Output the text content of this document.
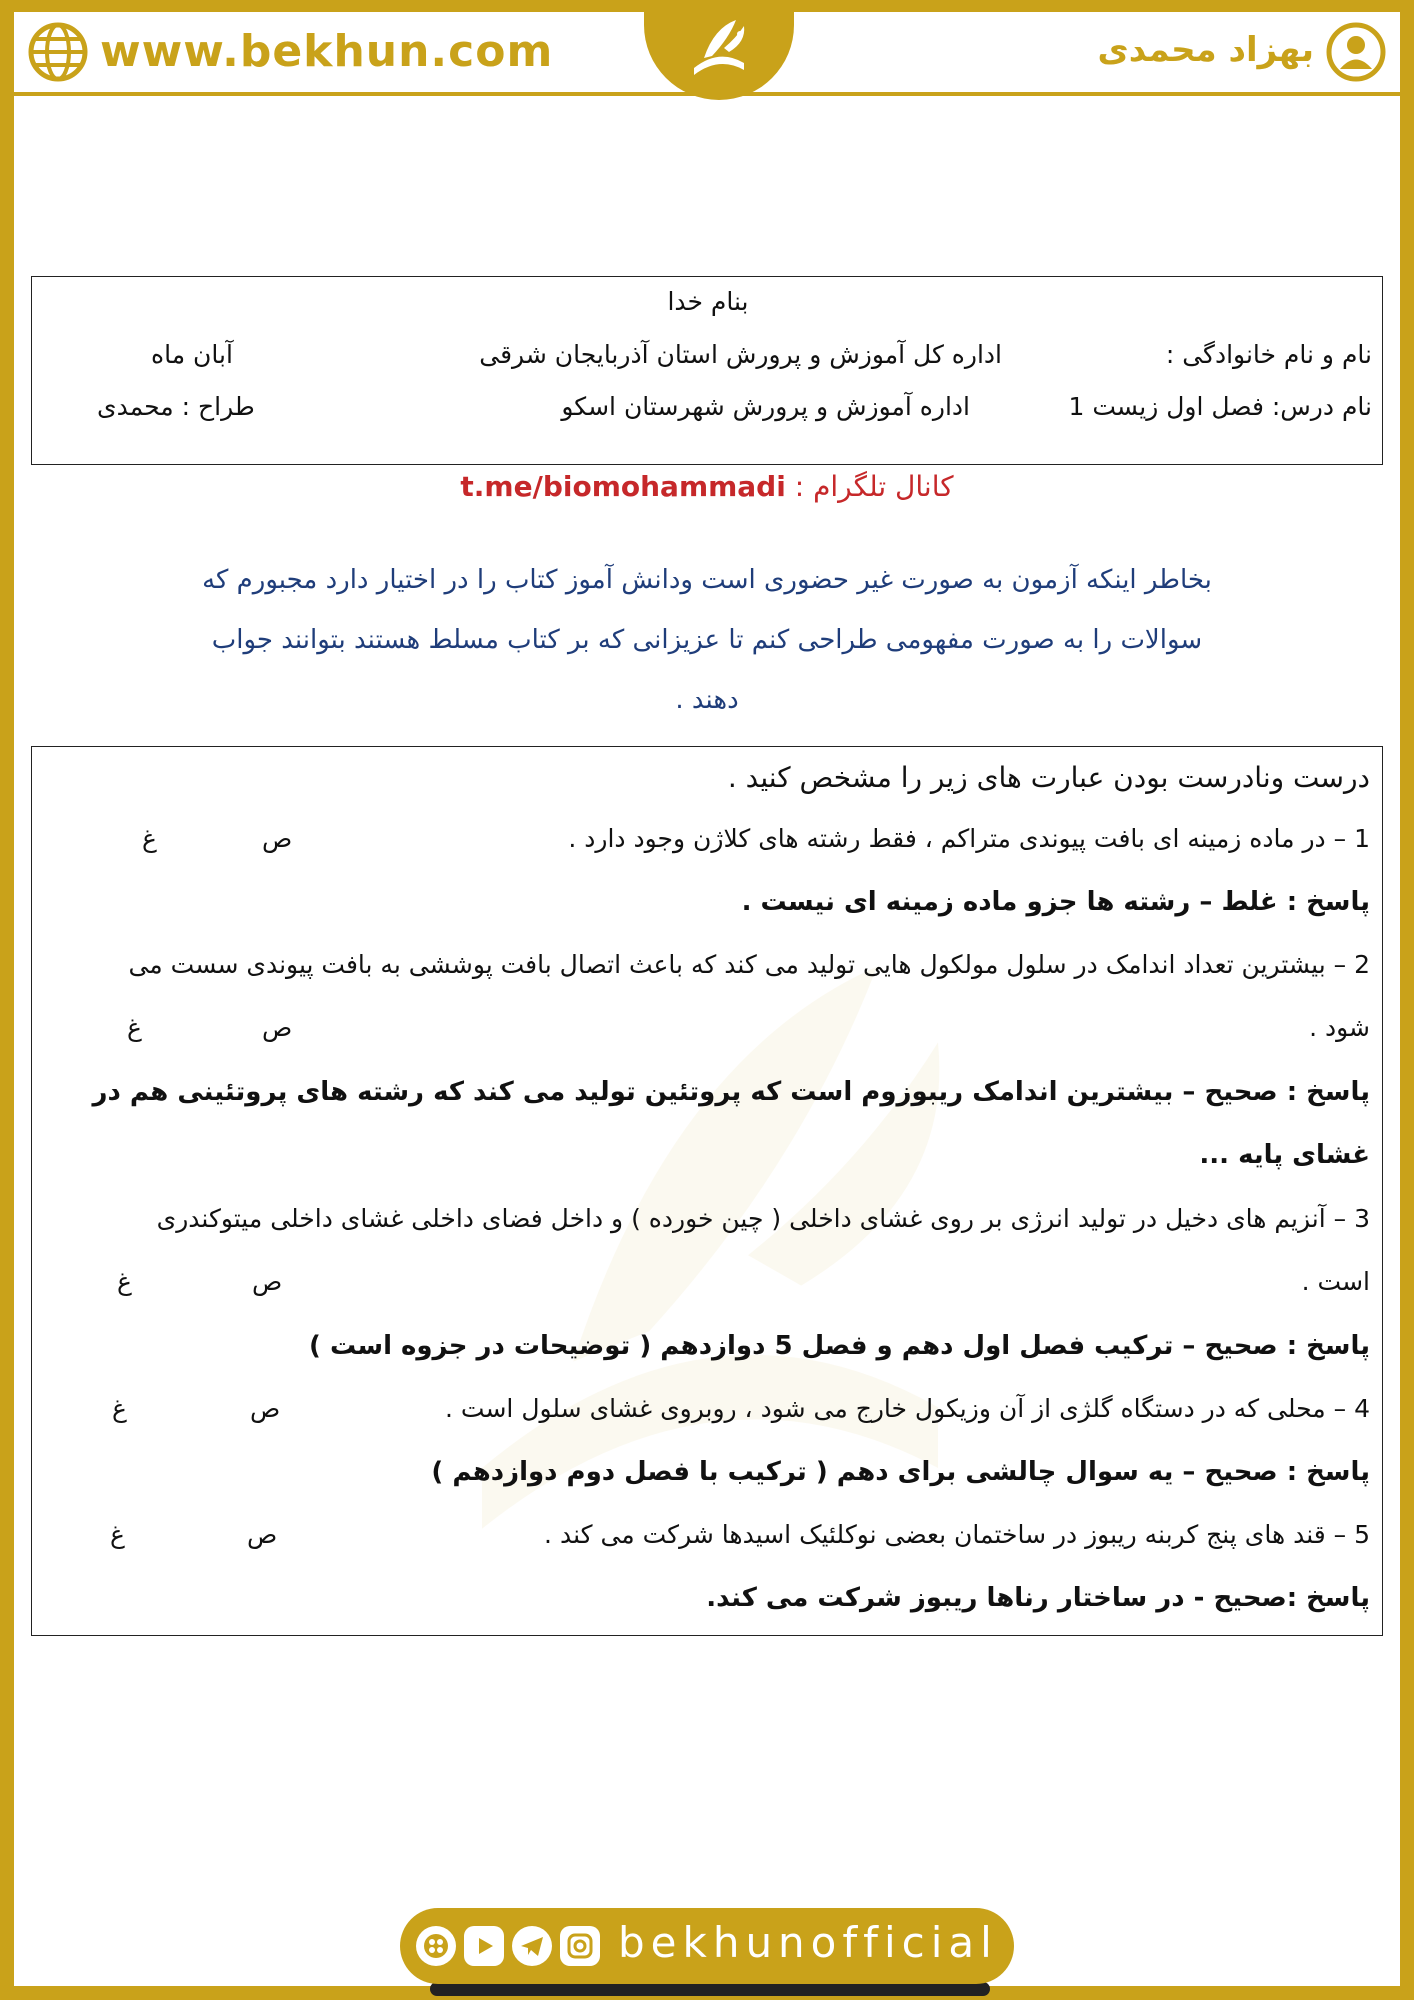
www.bekhun.com	بهزاد محمدی
بنام خدا
نام و نام خانوادگی :
اداره کل آموزش و پرورش استان آذربایجان شرقی
آبان ماه
نام درس: فصل اول زیست 1
اداره آموزش و پرورش شهرستان اسکو
طراح : محمدی
کانال تلگرام : t.me/biomohammadi
بخاطر اینکه آزمون به صورت غیر حضوری است ودانش آموز کتاب را در اختیار دارد مجبورم که
سوالات را به صورت مفهومی طراحی کنم تا عزیزانی که بر کتاب مسلط هستند بتوانند جواب
دهند .
درست ونادرست بودن عبارت های زیر را مشخص کنید .
1 – در ماده زمینه ای بافت پیوندی متراکم ، فقط رشته های کلاژن وجود دارد .
ص
غ
پاسخ : غلط – رشته ها جزو ماده زمینه ای نیست .
2 – بیشترین تعداد اندامک در سلول مولکول هایی تولید می کند که باعث اتصال بافت پوششی به بافت پیوندی سست می
شود .
ص
غ
پاسخ : صحیح – بیشترین اندامک ریبوزوم است که پروتئین تولید می کند که رشته های پروتئینی هم در
غشای پایه ...
3 – آنزیم های دخیل در تولید انرژی بر روی غشای داخلی ( چین خورده ) و داخل فضای داخلی غشای داخلی میتوکندری
است .
ص
غ
پاسخ : صحیح – ترکیب فصل اول دهم و فصل 5 دوازدهم ( توضیحات در جزوه است )
4 – محلی که در دستگاه گلژی از آن وزیکول خارج می شود ، روبروی غشای سلول است .
ص
غ
پاسخ : صحیح – یه سوال چالشی برای دهم ( ترکیب با فصل دوم دوازدهم )
5 – قند های پنج کربنه ریبوز در ساختمان بعضی نوکلئیک اسیدها شرکت می کند .
ص
غ
پاسخ :صحیح - در ساختار رناها ریبوز شرکت می کند.
bekhunofficial
